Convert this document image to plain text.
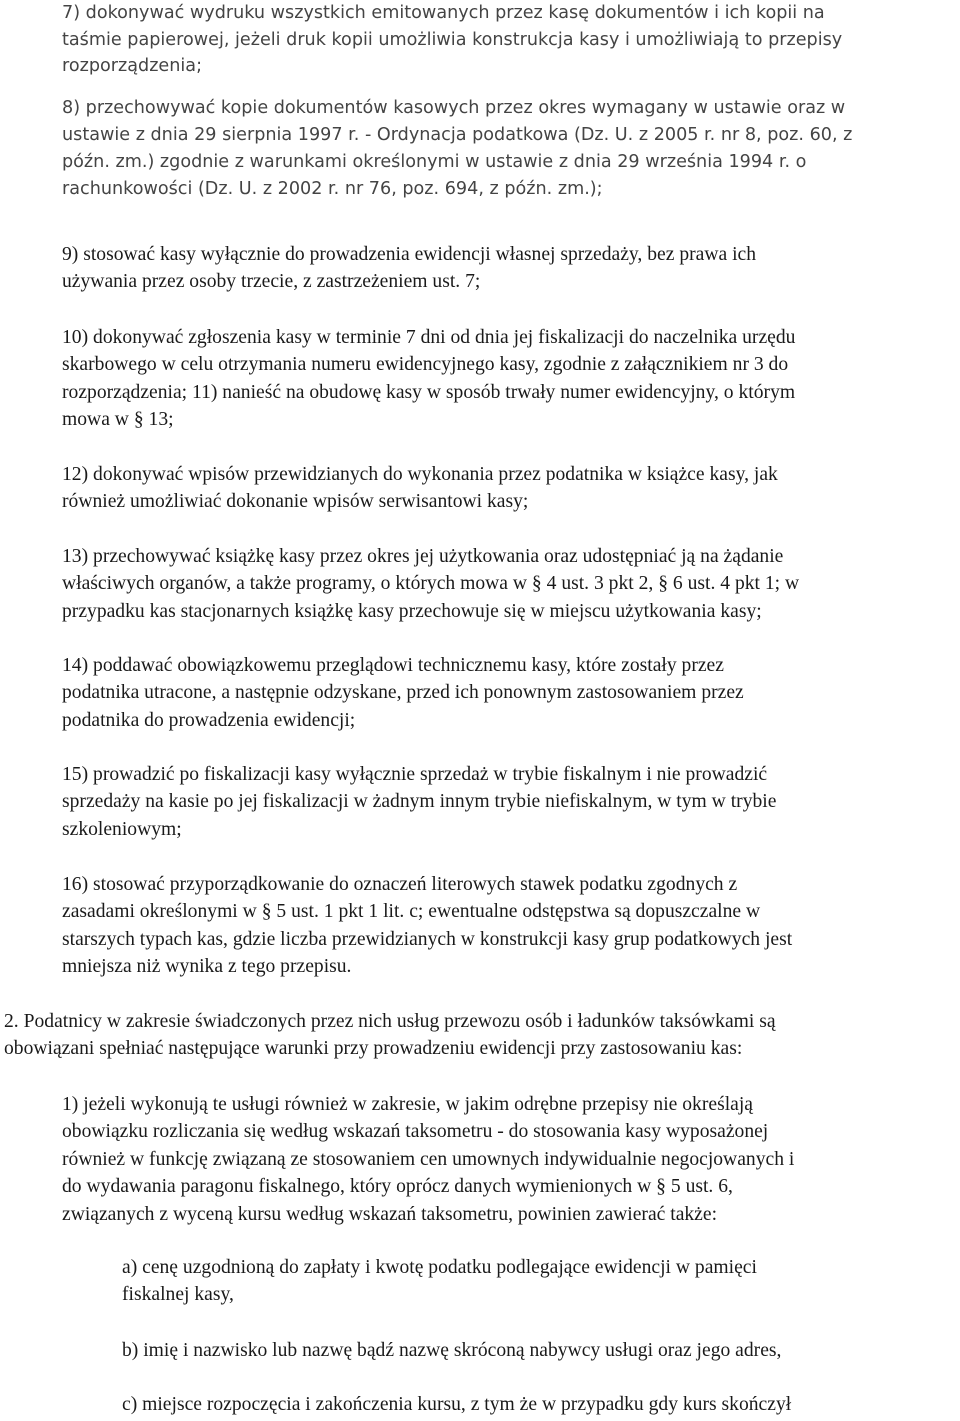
7) dokonywać wydruku wszystkich emitowanych przez kasę dokumentów i ich kopii na
taśmie papierowej, jeżeli druk kopii umożliwia konstrukcja kasy i umożliwiają to przepisy
rozporządzenia;

8) przechowywać kopie dokumentów kasowych przez okres wymagany w ustawie oraz w
ustawie z dnia 29 sierpnia 1997 r. - Ordynacja podatkowa (Dz. U. z 2005 r. nr 8, poz. 60, z
późn. zm.) zgodnie z warunkami określonymi w ustawie z dnia 29 września 1994 r. o
rachunkowości (Dz. U. z 2002 r. nr 76, poz. 694, z późn. zm.);

9) stosować kasy wyłącznie do prowadzenia ewidencji własnej sprzedaży, bez prawa ich
używania przez osoby trzecie, z zastrzeżeniem ust. 7;

10) dokonywać zgłoszenia kasy w terminie 7 dni od dnia jej fiskalizacji do naczelnika urzędu
skarbowego w celu otrzymania numeru ewidencyjnego kasy, zgodnie z załącznikiem nr 3 do
rozporządzenia; 11) nanieść na obudowę kasy w sposób trwały numer ewidencyjny, o którym
mowa w § 13;

12) dokonywać wpisów przewidzianych do wykonania przez podatnika w książce kasy, jak
również umożliwiać dokonanie wpisów serwisantowi kasy;

13) przechowywać książkę kasy przez okres jej użytkowania oraz udostępniać ją na żądanie
właściwych organów, a także programy, o których mowa w § 4 ust. 3 pkt 2, § 6 ust. 4 pkt 1; w
przypadku kas stacjonarnych książkę kasy przechowuje się w miejscu użytkowania kasy;

14) poddawać obowiązkowemu przeglądowi technicznemu kasy, które zostały przez
podatnika utracone, a następnie odzyskane, przed ich ponownym zastosowaniem przez
podatnika do prowadzenia ewidencji;

15) prowadzić po fiskalizacji kasy wyłącznie sprzedaż w trybie fiskalnym i nie prowadzić
sprzedaży na kasie po jej fiskalizacji w żadnym innym trybie niefiskalnym, w tym w trybie
szkoleniowym;

16) stosować przyporządkowanie do oznaczeń literowych stawek podatku zgodnych z
zasadami określonymi w § 5 ust. 1 pkt 1 lit. c; ewentualne odstępstwa są dopuszczalne w
starszych typach kas, gdzie liczba przewidzianych w konstrukcji kasy grup podatkowych jest
mniejsza niż wynika z tego przepisu.

2. Podatnicy w zakresie świadczonych przez nich usług przewozu osób i ładunków taksówkami są
obowiązani spełniać następujące warunki przy prowadzeniu ewidencji przy zastosowaniu kas:

1) jeżeli wykonują te usługi również w zakresie, w jakim odrębne przepisy nie określają
obowiązku rozliczania się według wskazań taksometru - do stosowania kasy wyposażonej
również w funkcję związaną ze stosowaniem cen umownych indywidualnie negocjowanych i
do wydawania paragonu fiskalnego, który oprócz danych wymienionych w § 5 ust. 6,
związanych z wyceną kursu według wskazań taksometru, powinien zawierać także:

a) cenę uzgodnioną do zapłaty i kwotę podatku podlegające ewidencji w pamięci
fiskalnej kasy,

b) imię i nazwisko lub nazwę bądź nazwę skróconą nabywcy usługi oraz jego adres,

c) miejsce rozpoczęcia i zakończenia kursu, z tym że w przypadku gdy kurs skończył
